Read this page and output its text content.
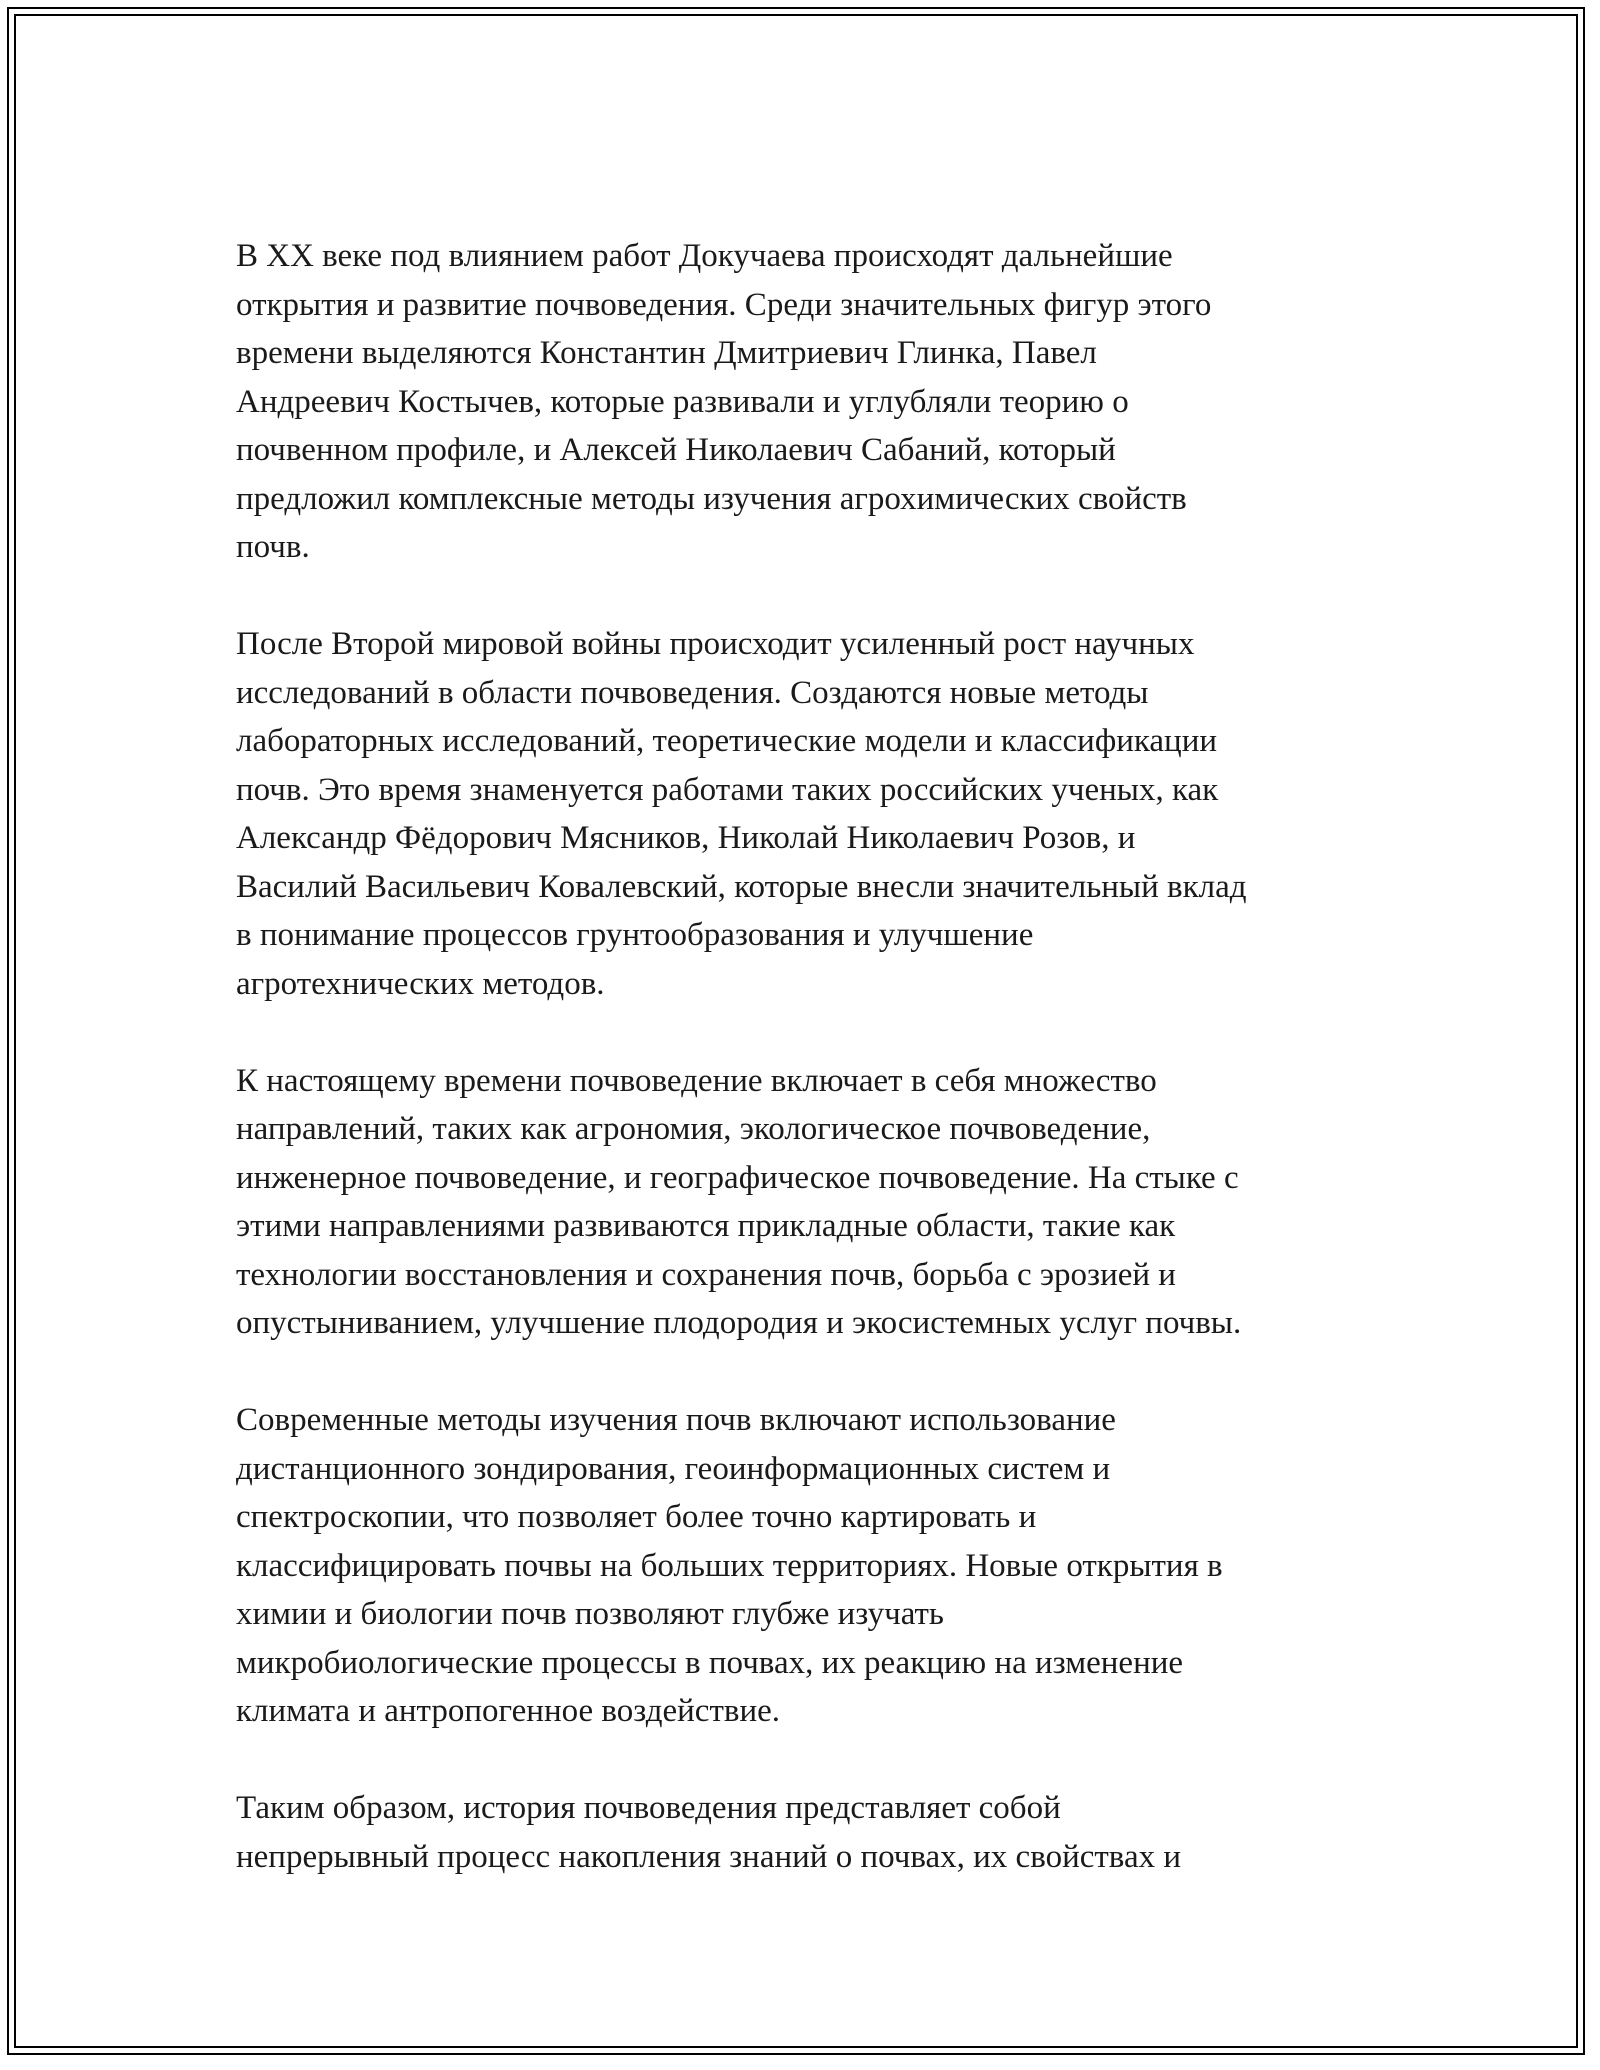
В XX веке под влиянием работ Докучаева происходят дальнейшие
открытия и развитие почвоведения. Среди значительных фигур этого
времени выделяются Константин Дмитриевич Глинка, Павел
Андреевич Костычев, которые развивали и углубляли теорию о
почвенном профиле, и Алексей Николаевич Сабаний, который
предложил комплексные методы изучения агрохимических свойств
почв.

После Второй мировой войны происходит усиленный рост научных
исследований в области почвоведения. Создаются новые методы
лабораторных исследований, теоретические модели и классификации
почв. Это время знаменуется работами таких российских ученых, как
Александр Фёдорович Мясников, Николай Николаевич Розов, и
Василий Васильевич Ковалевский, которые внесли значительный вклад
в понимание процессов грунтообразования и улучшение
агротехнических методов.

К настоящему времени почвоведение включает в себя множество
направлений, таких как агрономия, экологическое почвоведение,
инженерное почвоведение, и географическое почвоведение. На стыке с
этими направлениями развиваются прикладные области, такие как
технологии восстановления и сохранения почв, борьба с эрозией и
опустыниванием, улучшение плодородия и экосистемных услуг почвы.

Современные методы изучения почв включают использование
дистанционного зондирования, геоинформационных систем и
спектроскопии, что позволяет более точно картировать и
классифицировать почвы на больших территориях. Новые открытия в
химии и биологии почв позволяют глубже изучать
микробиологические процессы в почвах, их реакцию на изменение
климата и антропогенное воздействие.

Таким образом, история почвоведения представляет собой
непрерывный процесс накопления знаний о почвах, их свойствах и
